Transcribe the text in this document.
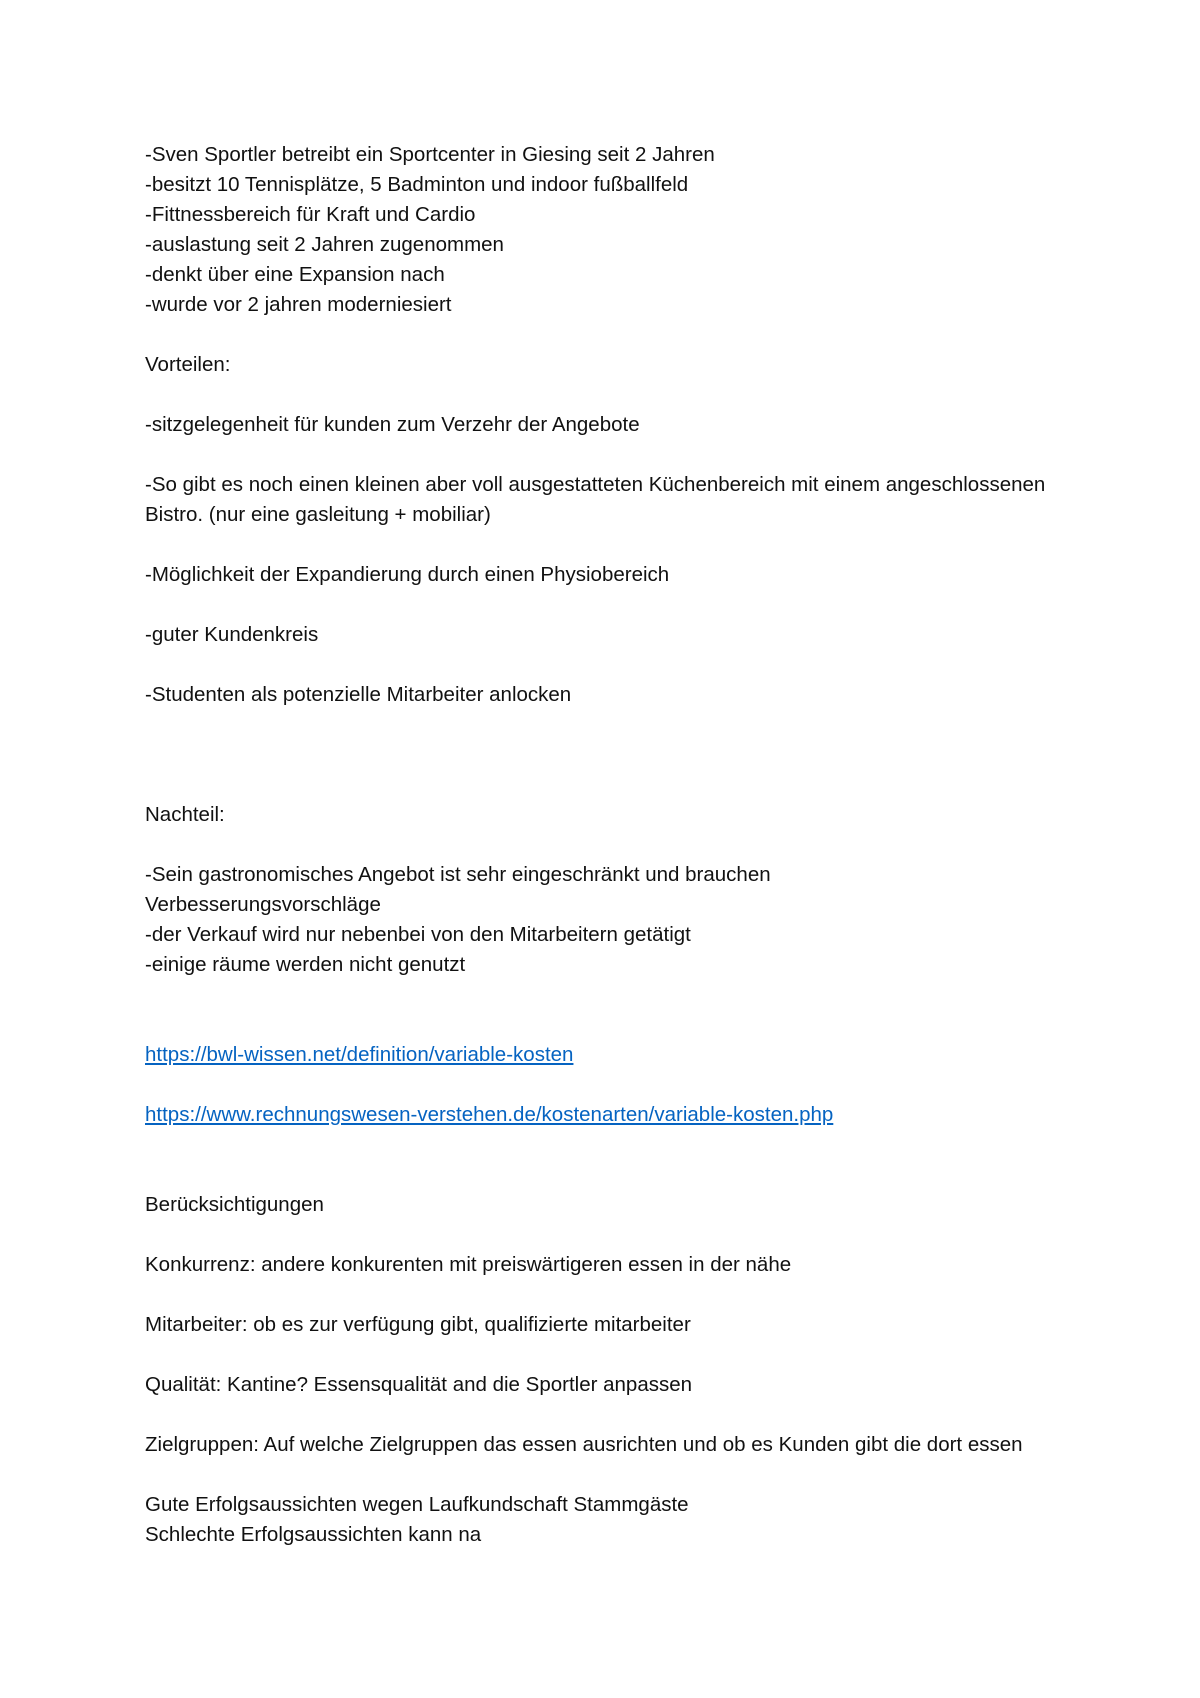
-Sven Sportler betreibt ein Sportcenter in Giesing seit 2 Jahren
-besitzt 10 Tennisplätze, 5 Badminton und indoor fußballfeld
-Fittnessbereich für Kraft und Cardio
-auslastung seit 2 Jahren zugenommen
-denkt über eine Expansion nach
-wurde vor 2 jahren moderniesiert
Vorteilen:
-sitzgelegenheit für kunden zum Verzehr der Angebote
-So gibt es noch einen kleinen aber voll ausgestatteten Küchenbereich mit einem angeschlossenen Bistro. (nur eine gasleitung + mobiliar)
-Möglichkeit der Expandierung durch einen Physiobereich
-guter Kundenkreis
-Studenten als potenzielle Mitarbeiter anlocken
Nachteil:
-Sein gastronomisches Angebot ist sehr eingeschränkt und brauchen Verbesserungsvorschläge
-der Verkauf wird nur nebenbei von den Mitarbeitern getätigt
-einige räume werden nicht genutzt
https://bwl-wissen.net/definition/variable-kosten
https://www.rechnungswesen-verstehen.de/kostenarten/variable-kosten.php
Berücksichtigungen
Konkurrenz: andere konkurenten mit preiswärtigeren essen in der nähe
Mitarbeiter: ob es zur verfügung gibt, qualifizierte mitarbeiter
Qualität: Kantine? Essensqualität and die Sportler anpassen
Zielgruppen: Auf welche Zielgruppen das essen ausrichten und ob es Kunden gibt die dort essen
Gute Erfolgsaussichten wegen Laufkundschaft Stammgäste
Schlechte Erfolgsaussichten kann na
